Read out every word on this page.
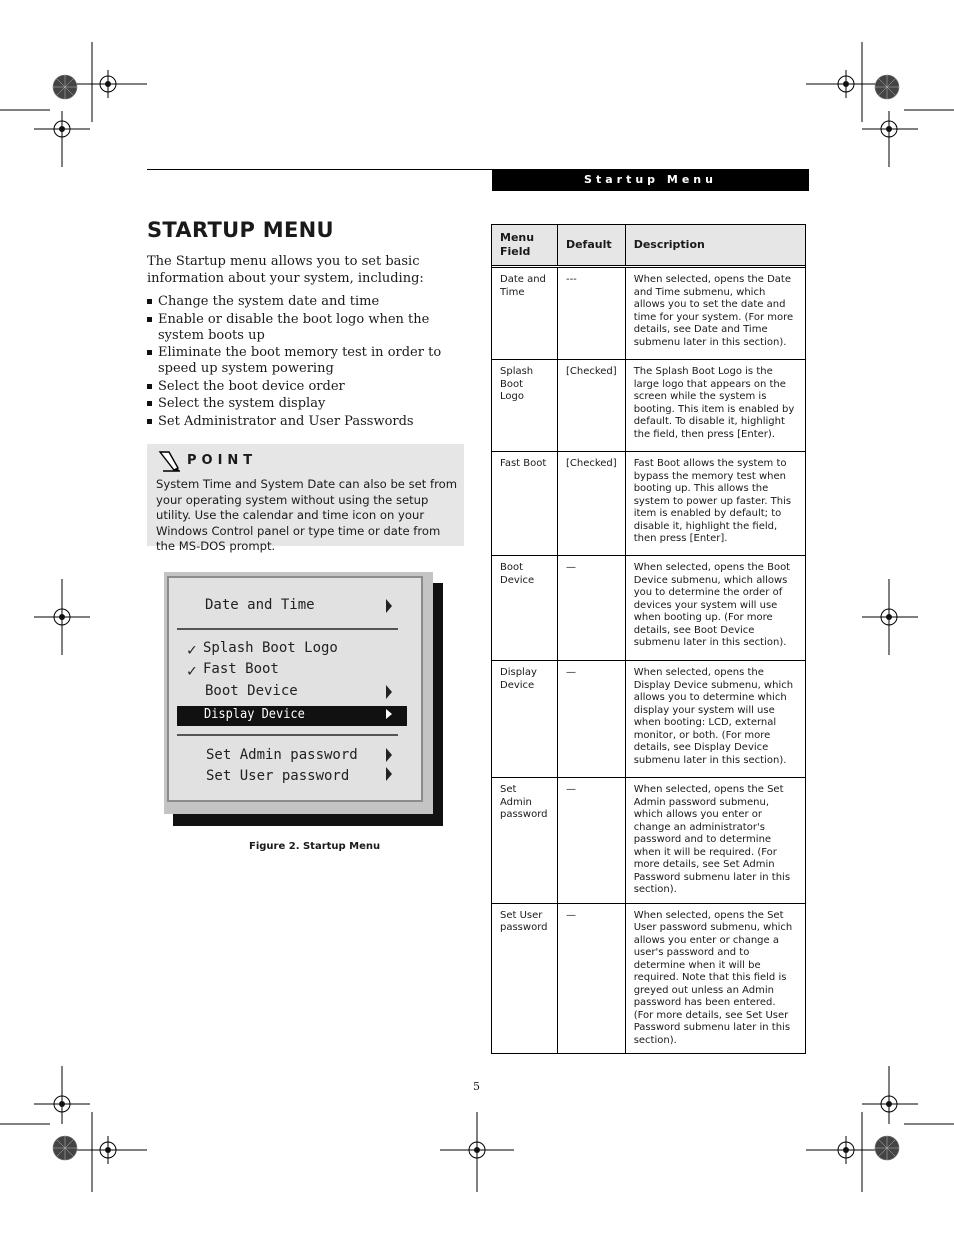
Startup Menu
STARTUP MENU
The Startup menu allows you to set basic information about your system, including:
Change the system date and time
Enable or disable the boot logo when the system boots up
Eliminate the boot memory test in order to speed up system powering
Select the boot device order
Select the system display
Set Administrator and User Passwords
POINT
System Time and System Date can also be set from your operating system without using the setup utility. Use the calendar and time icon on your Windows Control panel or type time or date from the MS-DOS prompt.
Date and Time
✓ Splash Boot Logo
✓ Fast Boot
Boot Device
Display Device
Set Admin password
Set User password
Figure 2. Startup Menu
Menu Field	Default	Description

Date and Time	---	When selected, opens the Date and Time submenu, which allows you to set the date and time for your system. (For more details, see Date and Time submenu later in this section).
Splash Boot Logo	[Checked]	The Splash Boot Logo is the large logo that appears on the screen while the system is booting. This item is enabled by default. To disable it, highlight the field, then press [Enter).
Fast Boot	[Checked]	Fast Boot allows the system to bypass the memory test when booting up. This allows the system to power up faster. This item is enabled by default; to disable it, highlight the field, then press [Enter].
Boot Device	—	When selected, opens the Boot Device submenu, which allows you to determine the order of devices your system will use when booting up. (For more details, see Boot Device submenu later in this section).
Display Device	—	When selected, opens the Display Device submenu, which allows you to determine which display your system will use when booting: LCD, external monitor, or both. (For more details, see Display Device submenu later in this section).
Set Admin password	—	When selected, opens the Set Admin password submenu, which allows you enter or change an administrator's password and to determine when it will be required. (For more details, see Set Admin Password submenu later in this section).
Set User password	—	When selected, opens the Set User password submenu, which allows you enter or change a user's password and to determine when it will be required. Note that this field is greyed out unless an Admin password has been entered. (For more details, see Set User Password submenu later in this section).
5
